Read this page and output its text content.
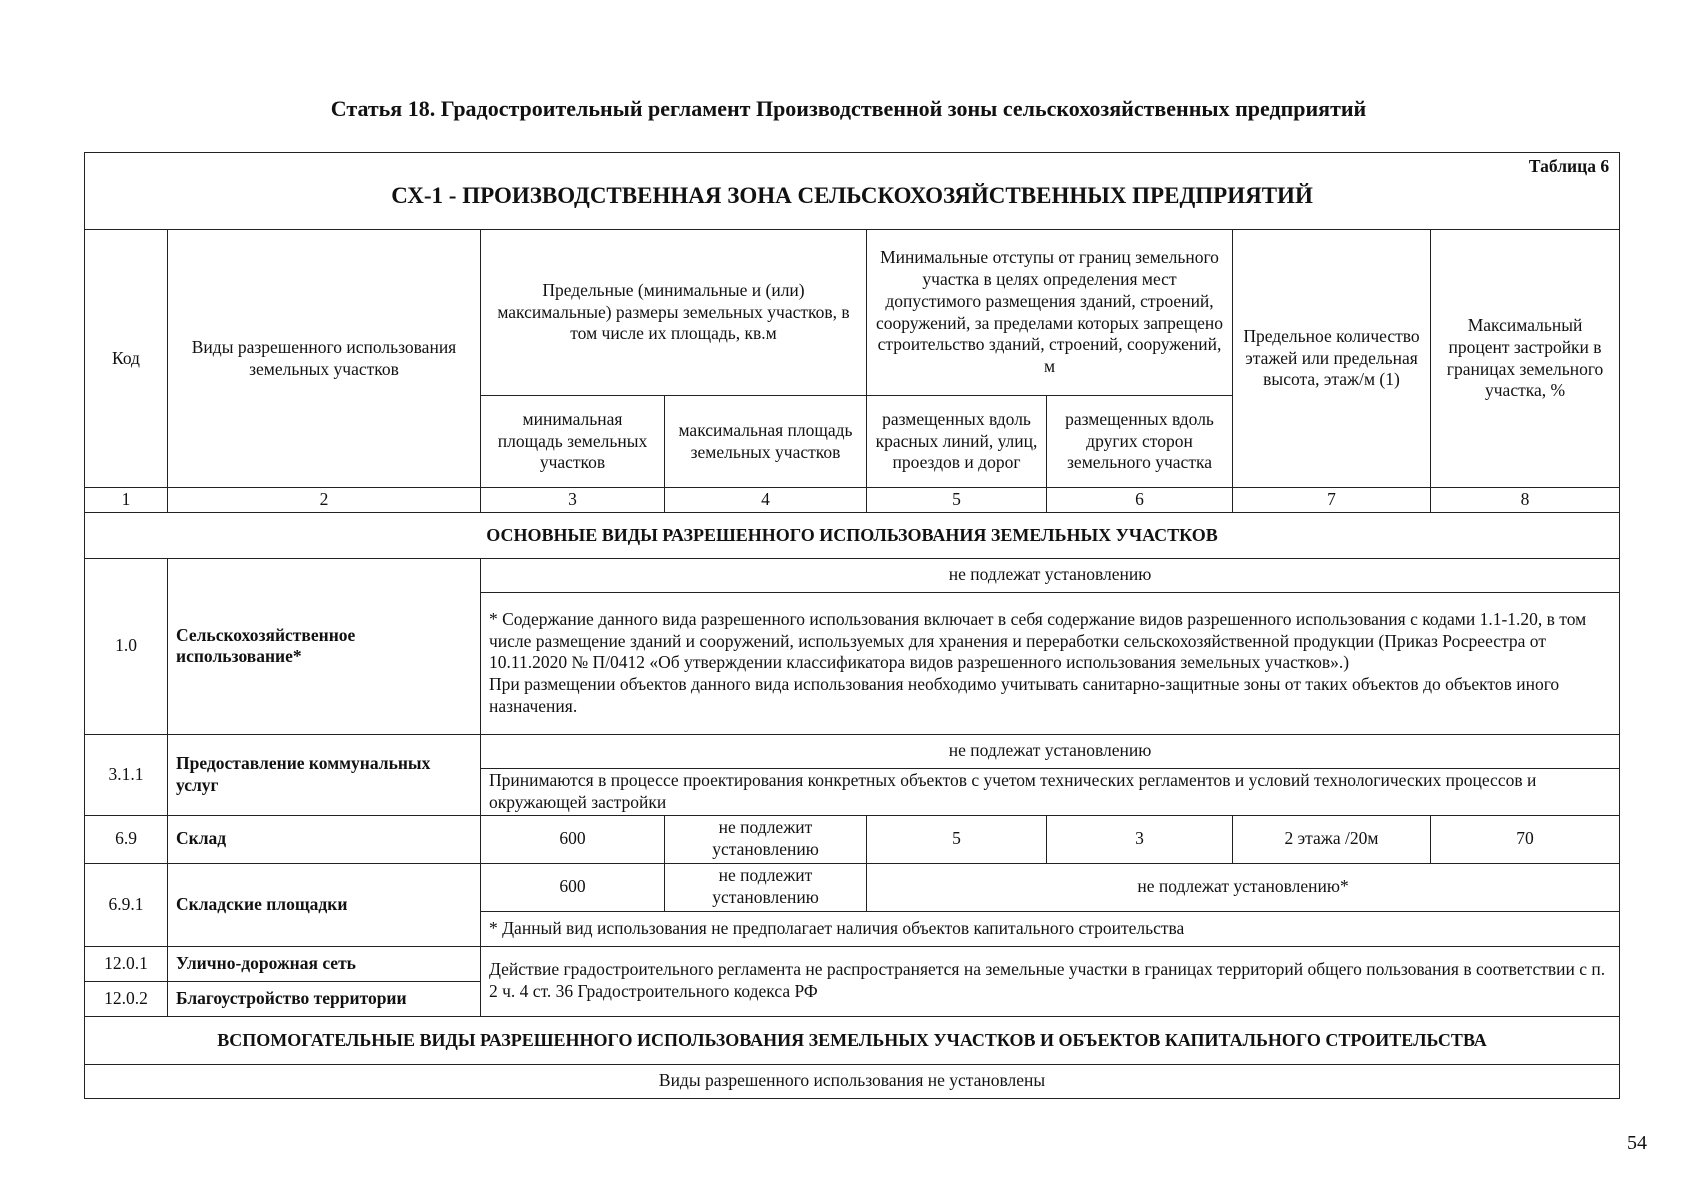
Статья 18. Градостроительный регламент Производственной зоны сельскохозяйственных предприятий
Таблица 6
СХ-1 - ПРОИЗВОДСТВЕННАЯ ЗОНА СЕЛЬСКОХОЗЯЙСТВЕННЫХ ПРЕДПРИЯТИЙ							

Код	Виды разрешенного использования земельных участков	Предельные (минимальные и (или) максимальные) размеры земельных участков, в том числе их площадь, кв.м		Минимальные отступы от границ земельного участка в целях определения мест допустимого размещения зданий, строений, сооружений, за пределами которых запрещено строительство зданий, строений, сооружений, м		Предельное количество этажей или предельная высота, этаж/м (1)	Максимальный процент застройки в границах земельного участка, %
		минимальная площадь земельных участков	максимальная площадь земельных участков	размещенных вдоль красных линий, улиц, проездов и дорог	размещенных вдоль других сторон земельного участка		
1	2	3	4	5	6	7	8
ОСНОВНЫЕ ВИДЫ РАЗРЕШЕННОГО ИСПОЛЬЗОВАНИЯ ЗЕМЕЛЬНЫХ УЧАСТКОВ							
1.0	Сельскохозяйственное использование*	не подлежат установлению					

		* Содержание данного вида разрешенного использования включает в себя содержание видов разрешенного использования с кодами 1.1-1.20, в том числе размещение зданий и сооружений, используемых для хранения и переработки сельскохозяйственной продукции (Приказ Росреестра от 10.11.2020 № П/0412 «Об утверждении классификатора видов разрешенного использования земельных участков».)
При размещении объектов данного вида использования необходимо учитывать санитарно-защитные зоны от таких объектов до объектов иного назначения.					

3.1.1	Предоставление коммунальных услуг	не подлежат установлению					
		Принимаются в процессе проектирования конкретных объектов с учетом технических регламентов и условий технологических процессов и окружающей застройки					
6.9	Склад	600	не подлежит установлению	5	3	2 этажа /20м	70
6.9.1	Складские площадки	600	не подлежит установлению	не подлежат установлению*			
		* Данный вид использования не предполагает наличия объектов капитального строительства					
12.0.1	Улично-дорожная сеть	Действие градостроительного регламента не распространяется на земельные участки в границах территорий общего пользования в соответствии с п. 2 ч. 4 ст. 36 Градостроительного кодекса РФ					
12.0.2	Благоустройство территории						
ВСПОМОГАТЕЛЬНЫЕ ВИДЫ РАЗРЕШЕННОГО ИСПОЛЬЗОВАНИЯ ЗЕМЕЛЬНЫХ УЧАСТКОВ И ОБЪЕКТОВ КАПИТАЛЬНОГО СТРОИТЕЛЬСТВА							
Виды разрешенного использования не установлены							
54
